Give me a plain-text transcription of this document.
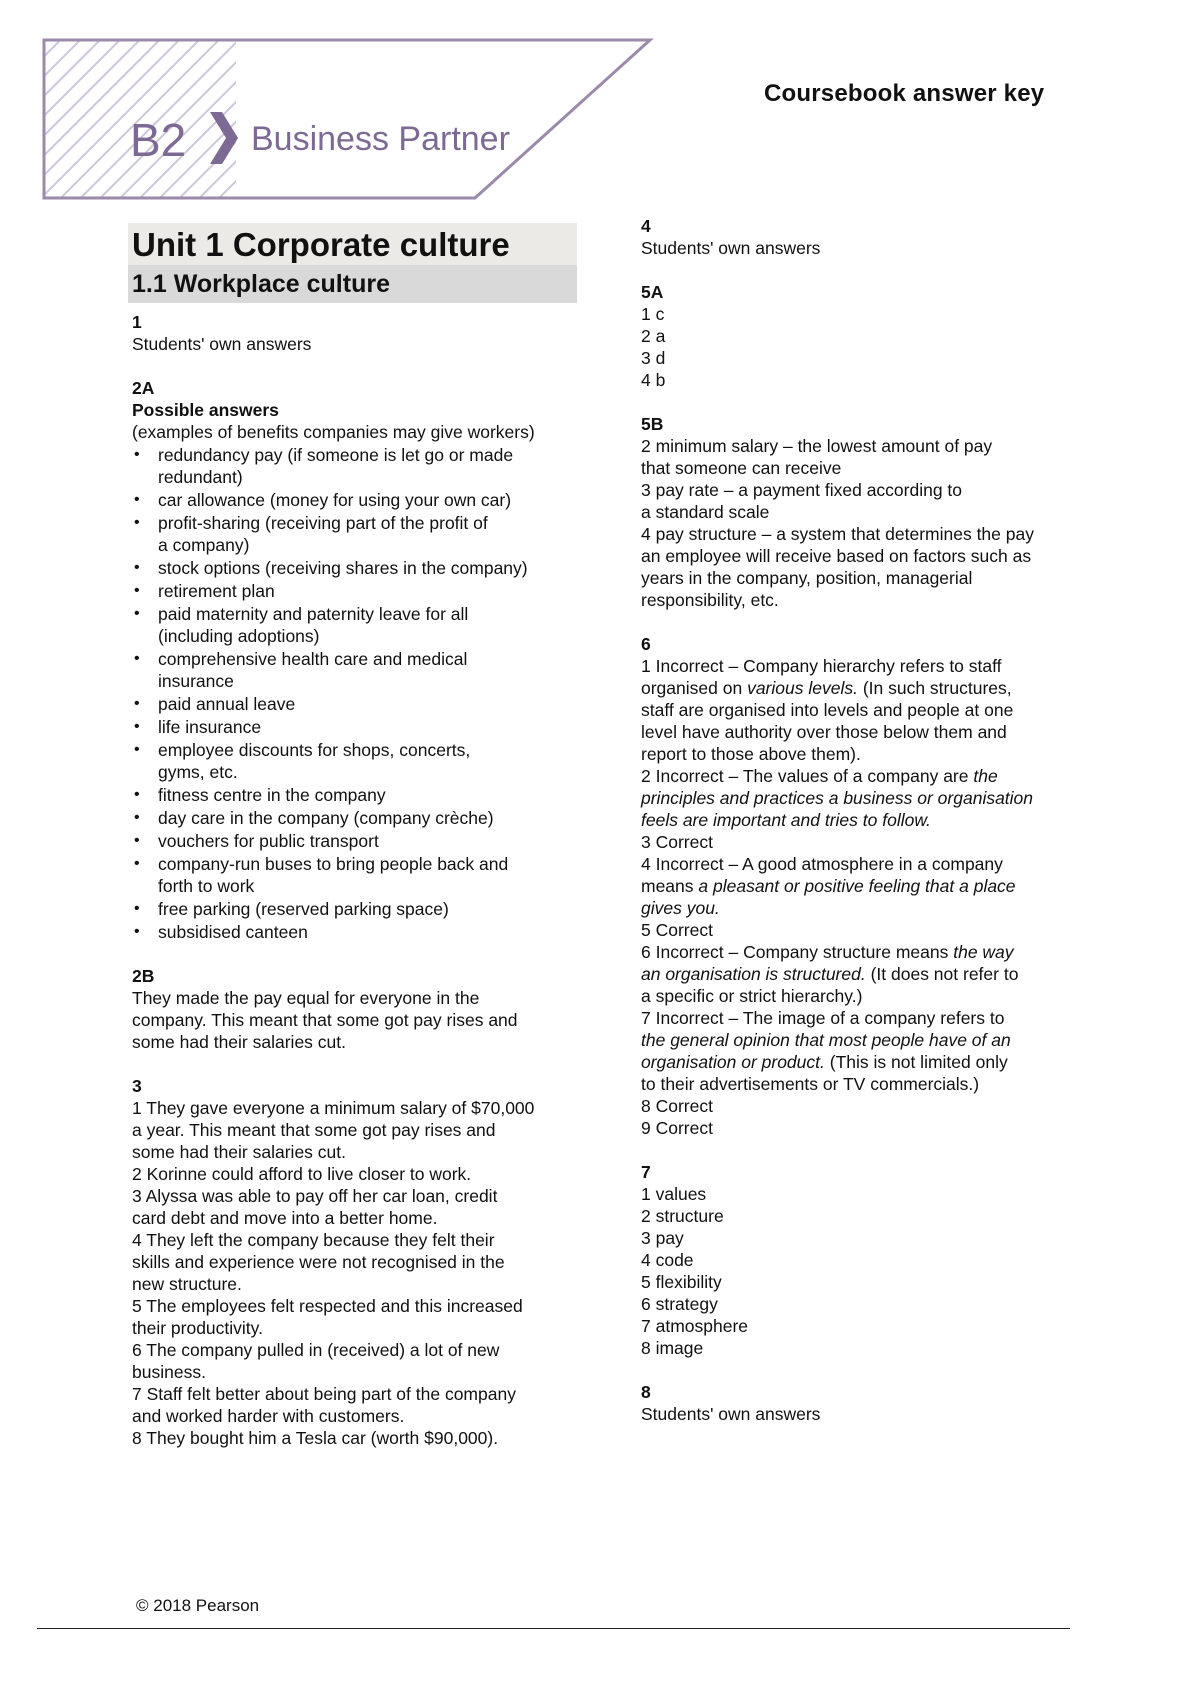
B2 Business Partner
Coursebook answer key
Unit 1 Corporate culture
1.1 Workplace culture
1
Students' own answers
2A
Possible answers
(examples of benefits companies may give workers)
• redundancy pay (if someone is let go or made
redundant)
• car allowance (money for using your own car)
• profit-sharing (receiving part of the profit of
a company)
• stock options (receiving shares in the company)
• retirement plan
• paid maternity and paternity leave for all
(including adoptions)
• comprehensive health care and medical
insurance
• paid annual leave
• life insurance
• employee discounts for shops, concerts,
gyms, etc.
• fitness centre in the company
• day care in the company (company crèche)
• vouchers for public transport
• company-run buses to bring people back and
forth to work
• free parking (reserved parking space)
• subsidised canteen
2B
They made the pay equal for everyone in the
company. This meant that some got pay rises and
some had their salaries cut.
3
1 They gave everyone a minimum salary of $70,000
a year. This meant that some got pay rises and
some had their salaries cut.
2 Korinne could afford to live closer to work.
3 Alyssa was able to pay off her car loan, credit
card debt and move into a better home.
4 They left the company because they felt their
skills and experience were not recognised in the
new structure.
5 The employees felt respected and this increased
their productivity.
6 The company pulled in (received) a lot of new
business.
7 Staff felt better about being part of the company
and worked harder with customers.
8 They bought him a Tesla car (worth $90,000).
4
Students' own answers
5A
1 c
2 a
3 d
4 b
5B
2 minimum salary – the lowest amount of pay
that someone can receive
3 pay rate – a payment fixed according to
a standard scale
4 pay structure – a system that determines the pay
an employee will receive based on factors such as
years in the company, position, managerial
responsibility, etc.
6
1 Incorrect – Company hierarchy refers to staff
organised on various levels. (In such structures,
staff are organised into levels and people at one
level have authority over those below them and
report to those above them).
2 Incorrect – The values of a company are the
principles and practices a business or organisation
feels are important and tries to follow.
3 Correct
4 Incorrect – A good atmosphere in a company
means a pleasant or positive feeling that a place
gives you.
5 Correct
6 Incorrect – Company structure means the way
an organisation is structured. (It does not refer to
a specific or strict hierarchy.)
7 Incorrect – The image of a company refers to
the general opinion that most people have of an
organisation or product. (This is not limited only
to their advertisements or TV commercials.)
8 Correct
9 Correct
7
1 values
2 structure
3 pay
4 code
5 flexibility
6 strategy
7 atmosphere
8 image
8
Students' own answers
© 2018 Pearson
